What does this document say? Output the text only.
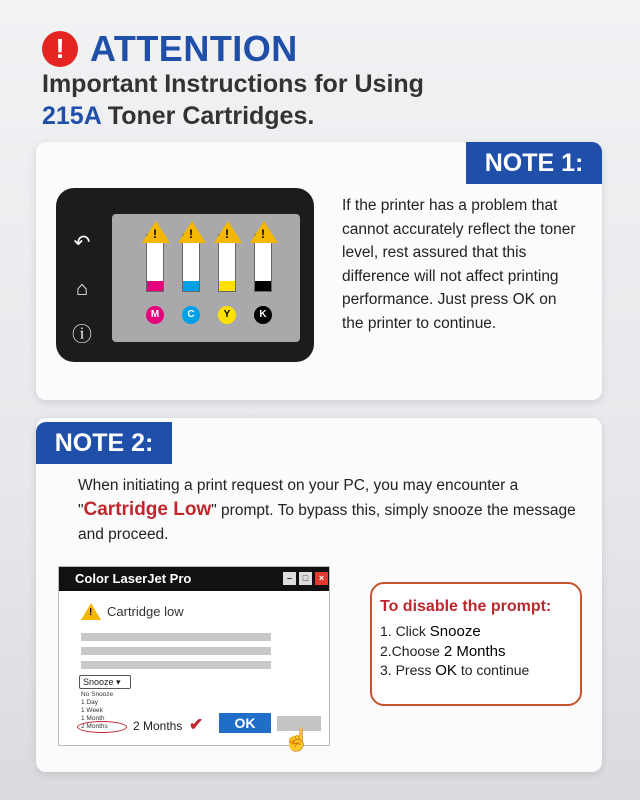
! ATTENTION
Important Instructions for Using
215A Toner Cartridges.
NOTE 1:
↶
⌂
ⓘ
!
M
!
C
!
Y
!
K
If the printer has a problem that cannot accurately reflect the toner level, rest assured that this difference will not affect printing performance. Just press OK on the printer to continue.
NOTE 2:
When initiating a print request on your PC, you may encounter a "Cartridge Low" prompt. To bypass this, simply snooze the message and proceed.
Color LaserJet Pro	–	□	×
! Cartridge low
Snooze ▾
No Snooze
1 Day
1 Week
1 Month
2 Months	2 Months ✔	OK
☝
To disable the prompt:
1. Click Snooze
2.Choose 2 Months
3. Press OK to continue
